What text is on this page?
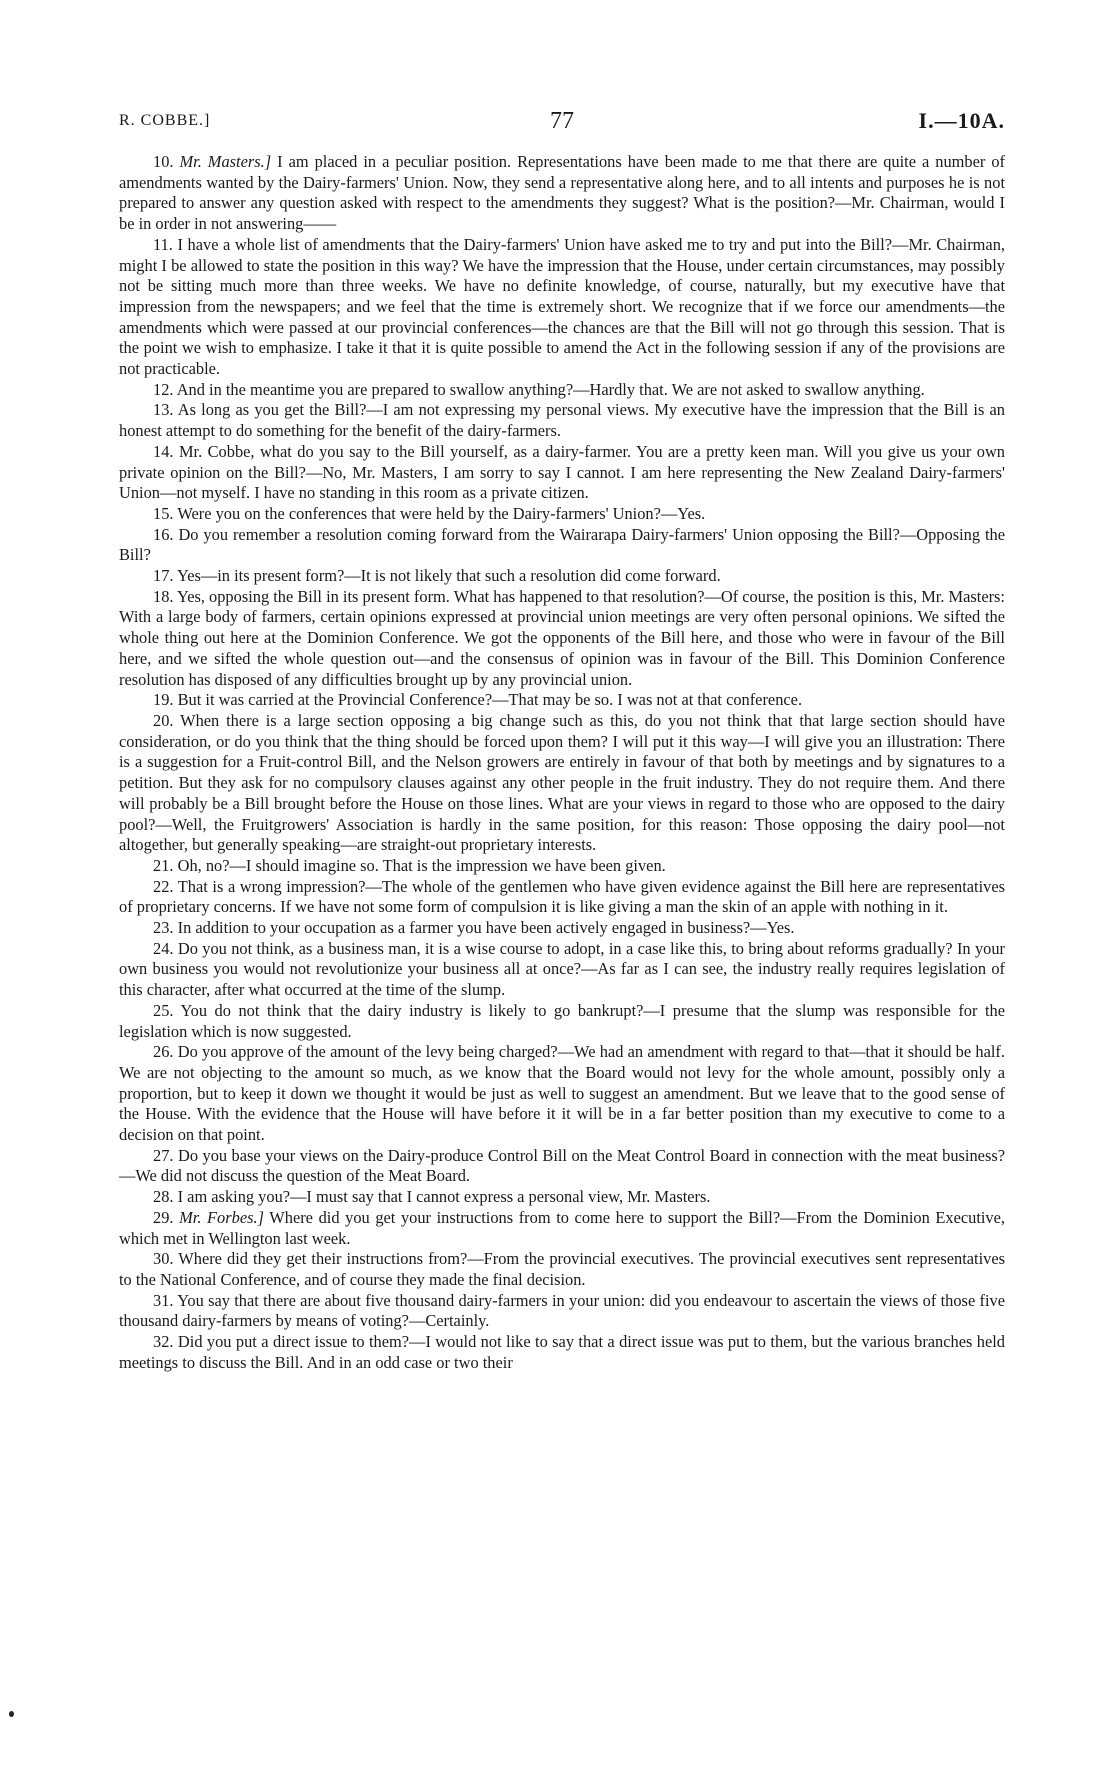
R. COBBE.]	77	I.—10A.

10. Mr. Masters.] I am placed in a peculiar position. Representations have been made to me that there are quite a number of amendments wanted by the Dairy-farmers' Union. Now, they send a representative along here, and to all intents and purposes he is not prepared to answer any question asked with respect to the amendments they suggest? What is the position?—Mr. Chairman, would I be in order in not answering——

11. I have a whole list of amendments that the Dairy-farmers' Union have asked me to try and put into the Bill?—Mr. Chairman, might I be allowed to state the position in this way? We have the impression that the House, under certain circumstances, may possibly not be sitting much more than three weeks. We have no definite knowledge, of course, naturally, but my executive have that impression from the newspapers; and we feel that the time is extremely short. We recognize that if we force our amendments—the amendments which were passed at our provincial conferences—the chances are that the Bill will not go through this session. That is the point we wish to emphasize. I take it that it is quite possible to amend the Act in the following session if any of the provisions are not practicable.

12. And in the meantime you are prepared to swallow anything?—Hardly that. We are not asked to swallow anything.

13. As long as you get the Bill?—I am not expressing my personal views. My executive have the impression that the Bill is an honest attempt to do something for the benefit of the dairy-farmers.

14. Mr. Cobbe, what do you say to the Bill yourself, as a dairy-farmer. You are a pretty keen man. Will you give us your own private opinion on the Bill?—No, Mr. Masters, I am sorry to say I cannot. I am here representing the New Zealand Dairy-farmers' Union—not myself. I have no standing in this room as a private citizen.

15. Were you on the conferences that were held by the Dairy-farmers' Union?—Yes.

16. Do you remember a resolution coming forward from the Wairarapa Dairy-farmers' Union opposing the Bill?—Opposing the Bill?

17. Yes—in its present form?—It is not likely that such a resolution did come forward.

18. Yes, opposing the Bill in its present form. What has happened to that resolution?—Of course, the position is this, Mr. Masters: With a large body of farmers, certain opinions expressed at provincial union meetings are very often personal opinions. We sifted the whole thing out here at the Dominion Conference. We got the opponents of the Bill here, and those who were in favour of the Bill here, and we sifted the whole question out—and the consensus of opinion was in favour of the Bill. This Dominion Conference resolution has disposed of any difficulties brought up by any provincial union.

19. But it was carried at the Provincial Conference?—That may be so. I was not at that conference.

20. When there is a large section opposing a big change such as this, do you not think that that large section should have consideration, or do you think that the thing should be forced upon them? I will put it this way—I will give you an illustration: There is a suggestion for a Fruit-control Bill, and the Nelson growers are entirely in favour of that both by meetings and by signatures to a petition. But they ask for no compulsory clauses against any other people in the fruit industry. They do not require them. And there will probably be a Bill brought before the House on those lines. What are your views in regard to those who are opposed to the dairy pool?—Well, the Fruitgrowers' Association is hardly in the same position, for this reason: Those opposing the dairy pool—not altogether, but generally speaking—are straight-out proprietary interests.

21. Oh, no?—I should imagine so. That is the impression we have been given.

22. That is a wrong impression?—The whole of the gentlemen who have given evidence against the Bill here are representatives of proprietary concerns. If we have not some form of compulsion it is like giving a man the skin of an apple with nothing in it.

23. In addition to your occupation as a farmer you have been actively engaged in business?—Yes.

24. Do you not think, as a business man, it is a wise course to adopt, in a case like this, to bring about reforms gradually? In your own business you would not revolutionize your business all at once?—As far as I can see, the industry really requires legislation of this character, after what occurred at the time of the slump.

25. You do not think that the dairy industry is likely to go bankrupt?—I presume that the slump was responsible for the legislation which is now suggested.

26. Do you approve of the amount of the levy being charged?—We had an amendment with regard to that—that it should be half. We are not objecting to the amount so much, as we know that the Board would not levy for the whole amount, possibly only a proportion, but to keep it down we thought it would be just as well to suggest an amendment. But we leave that to the good sense of the House. With the evidence that the House will have before it it will be in a far better position than my executive to come to a decision on that point.

27. Do you base your views on the Dairy-produce Control Bill on the Meat Control Board in connection with the meat business?—We did not discuss the question of the Meat Board.

28. I am asking you?—I must say that I cannot express a personal view, Mr. Masters.

29. Mr. Forbes.] Where did you get your instructions from to come here to support the Bill?—From the Dominion Executive, which met in Wellington last week.

30. Where did they get their instructions from?—From the provincial executives. The provincial executives sent representatives to the National Conference, and of course they made the final decision.

31. You say that there are about five thousand dairy-farmers in your union: did you endeavour to ascertain the views of those five thousand dairy-farmers by means of voting?—Certainly.

32. Did you put a direct issue to them?—I would not like to say that a direct issue was put to them, but the various branches held meetings to discuss the Bill. And in an odd case or two their
